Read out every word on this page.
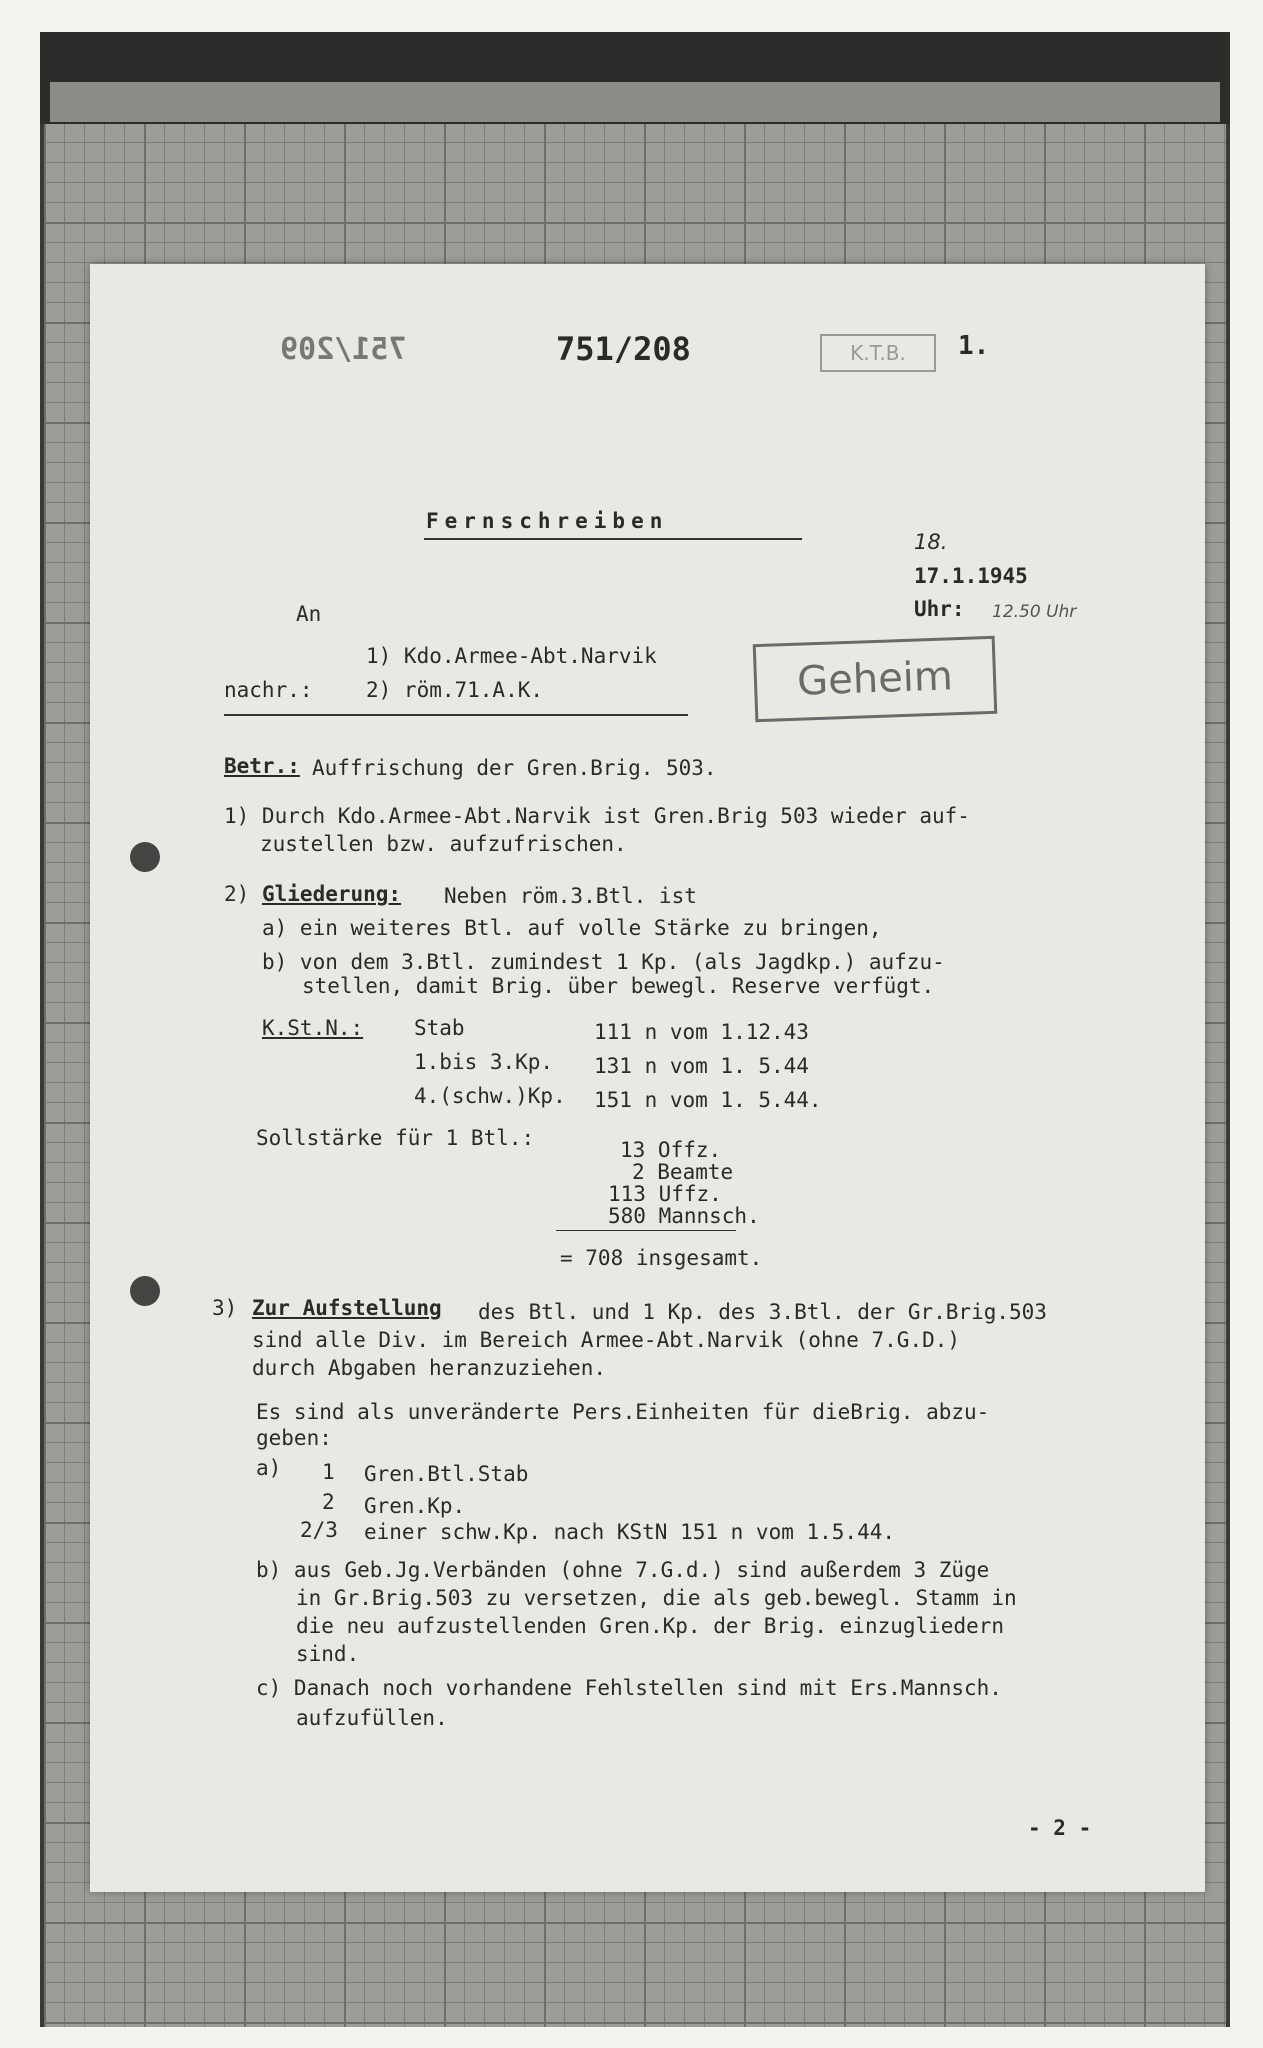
751/209	751/208	K.T.B.	1.
Fernschreiben
18.
17.1.1945
Uhr: 12.50 Uhr
An
1) Kdo.Armee-Abt.Narvik
nachr.:	2) röm.71.A.K.	Geheim
Betr.: Auffrischung der Gren.Brig. 503.
1) Durch Kdo.Armee-Abt.Narvik ist Gren.Brig 503 wieder auf-
zustellen bzw. aufzufrischen.
2) Gliederung: Neben röm.3.Btl. ist
a) ein weiteres Btl. auf volle Stärke zu bringen,
b) von dem 3.Btl. zumindest 1 Kp. (als Jagdkp.) aufzu-
stellen, damit Brig. über bewegl. Reserve verfügt.
K.St.N.: Stab	111 n vom 1.12.43
1.bis 3.Kp. 131 n vom 1. 5.44
4.(schw.)Kp. 151 n vom 1. 5.44.
Sollstärke für 1 Btl.:	13 Offz.
2 Beamte
113 Uffz.
580 Mannsch.
= 708 insgesamt.
3) Zur Aufstellung des Btl. und 1 Kp. des 3.Btl. der Gr.Brig.503
sind alle Div. im Bereich Armee-Abt.Narvik (ohne 7.G.D.)
durch Abgaben heranzuziehen.
Es sind als unveränderte Pers.Einheiten für dieBrig. abzu-
geben:
a) 1 Gren.Btl.Stab
2 Gren.Kp.
2/3 einer schw.Kp. nach KStN 151 n vom 1.5.44.
b) aus Geb.Jg.Verbänden (ohne 7.G.d.) sind außerdem 3 Züge
in Gr.Brig.503 zu versetzen, die als geb.bewegl. Stamm in
die neu aufzustellenden Gren.Kp. der Brig. einzugliedern
sind.
c) Danach noch vorhandene Fehlstellen sind mit Ers.Mannsch.
aufzufüllen.
- 2 -
